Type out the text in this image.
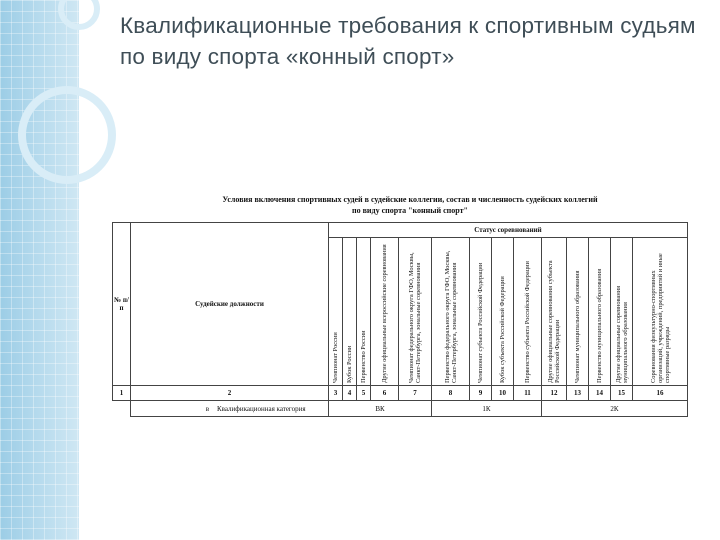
Квалификационные требования к спортивным судьям по виду спорта «конный спорт»
Условия включения спортивных судей в судейские коллегии, состав и численность судейских коллегий
по виду спорта "конный спорт"
№ п/п	Судейские должности	Статус соревнований													

		Чемпионат России	Кубок России	Первенство России	Другие официальные всероссийские соревнования	Чемпионат федерального округа ГФО, Москвы, Санкт-Петербурга, зональные соревнования	Первенство федерального округа ГФО, Москвы, Санкт-Петербурга, зональные соревнования	Чемпионат субъекта Российской Федерации	Кубок субъекта Российской Федерации	Первенство субъекта Российской Федерации	Другие официальные соревнования субъекта Российской Федерации	Чемпионат муниципального образования	Первенство муниципального образования	Другие официальные соревнования муниципального образования	Соревнования физкультурно-спортивных организаций, учреждений, предприятий и иные спортивные разряды

1	2	3	4	5	6	7	8	9	10	11	12	13	14	15	16
	в Квалификационная категория	ВК					1К				2К				
